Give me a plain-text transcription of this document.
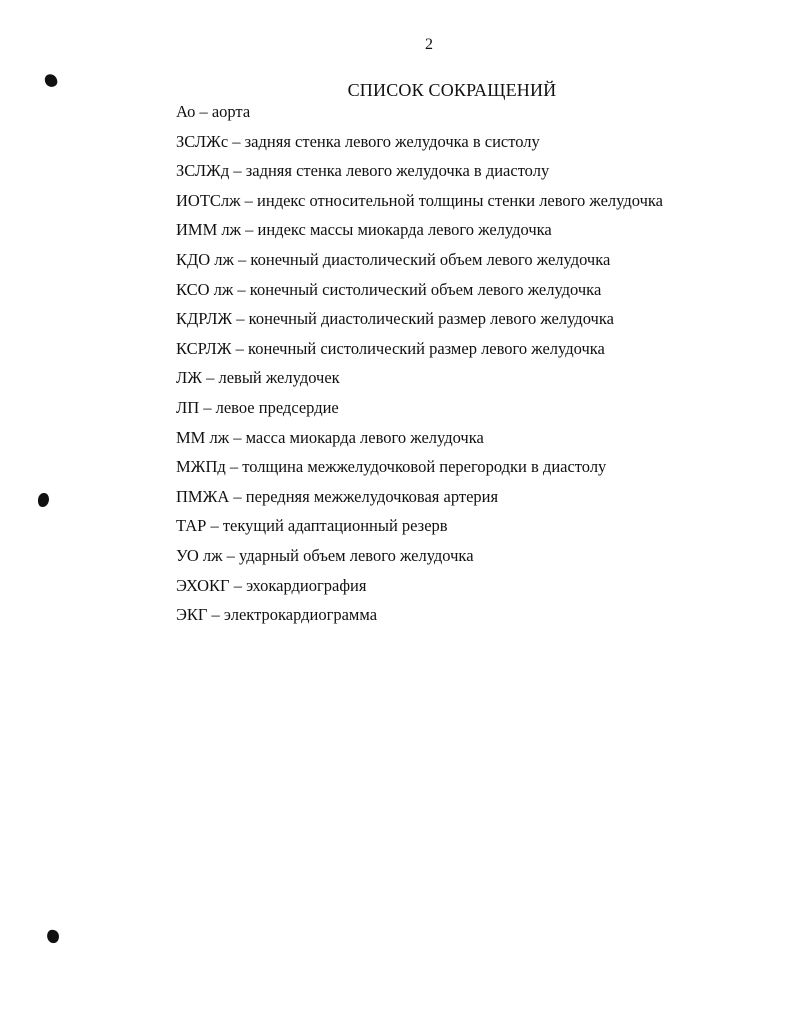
2
СПИСОК СОКРАЩЕНИЙ
Ао – аорта
ЗСЛЖс – задняя стенка левого желудочка в систолу
ЗСЛЖд – задняя стенка левого желудочка в диастолу
ИОТСлж – индекс относительной толщины стенки левого желудочка
ИММ лж – индекс массы миокарда левого желудочка
КДО лж – конечный диастолический объем левого желудочка
КСО лж – конечный систолический объем левого желудочка
КДРЛЖ – конечный диастолический размер левого желудочка
КСРЛЖ – конечный систолический размер левого желудочка
ЛЖ – левый желудочек
ЛП – левое предсердие
ММ лж – масса миокарда левого желудочка
МЖПд – толщина межжелудочковой перегородки в диастолу
ПМЖА – передняя межжелудочковая артерия
ТАР – текущий адаптационный резерв
УО лж – ударный объем левого желудочка
ЭХОКГ – эхокардиография
ЭКГ – электрокардиограмма
